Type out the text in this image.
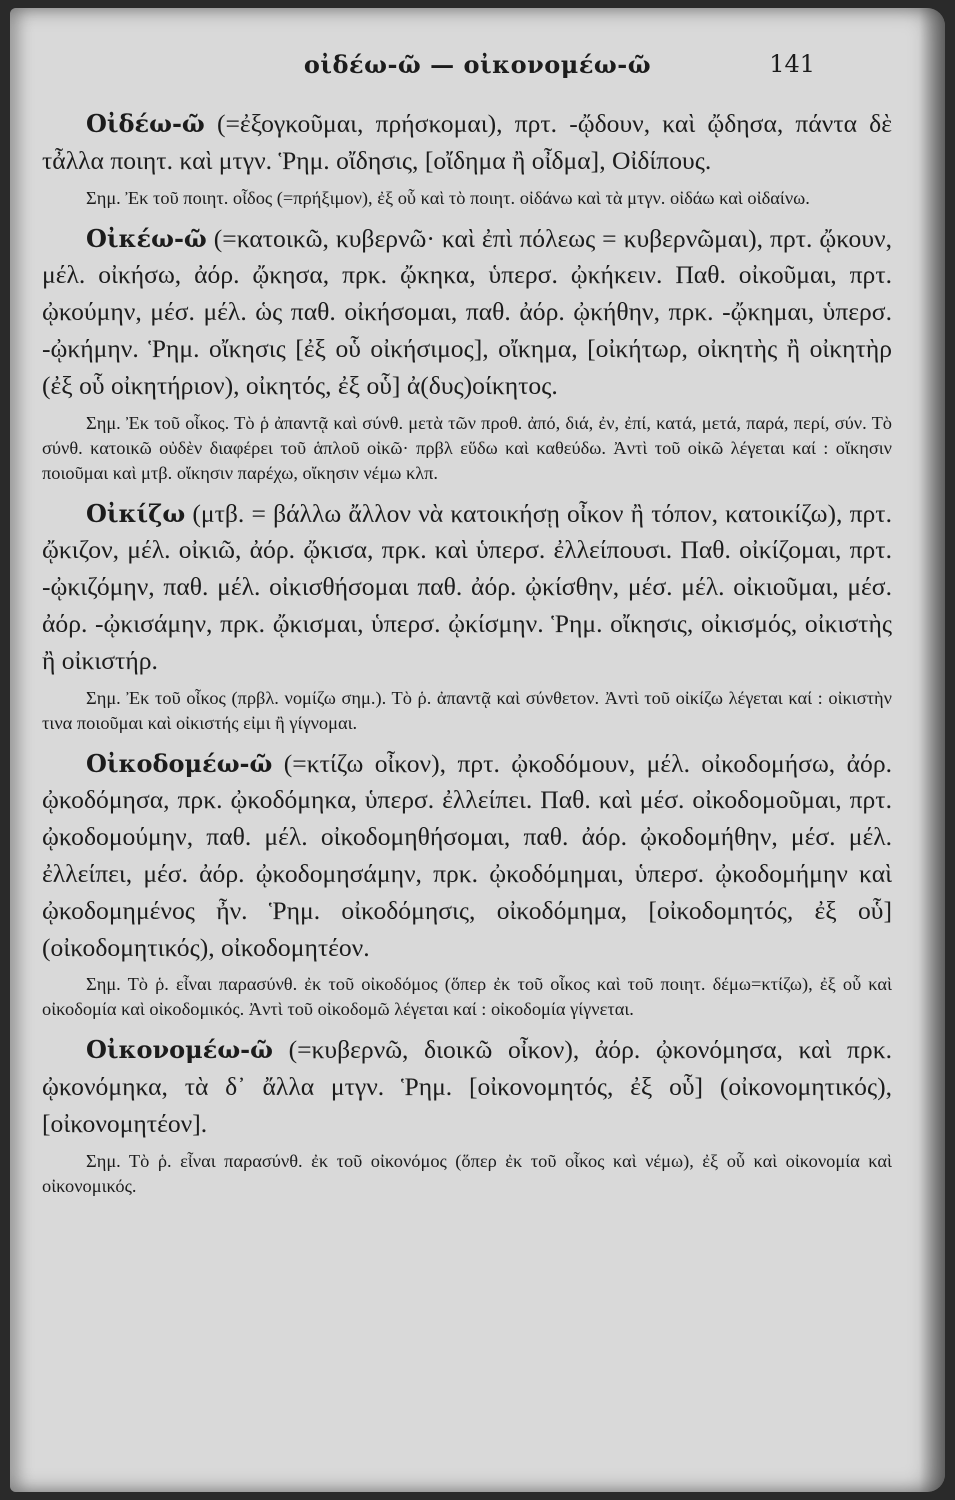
οἰδέω-ῶ — οἰκονομέω-ῶ	141

Οἰδέω-ῶ (=ἐξογκοῦμαι, πρήσκομαι), πρτ. -ᾤδουν, καὶ ᾤδησα, πάντα δὲ τἆλλα ποιητ. καὶ μτγν. Ῥημ. οἴδησις, [οἴδημα ἢ οἶδμα], Οἰδίπους.

Σημ. Ἐκ τοῦ ποιητ. οἶδος (=πρήξιμον), ἐξ οὗ καὶ τὸ ποιητ. οἰδάνω καὶ τὰ μτγν. οἰδάω καὶ οἰδαίνω.

Οἰκέω-ῶ (=κατοικῶ, κυβερνῶ· καὶ ἐπὶ πόλεως = κυβερνῶμαι), πρτ. ᾤκουν, μέλ. οἰκήσω, ἀόρ. ᾤκησα, πρκ. ᾤκηκα, ὑπερσ. ᾠκήκειν. Παθ. οἰκοῦμαι, πρτ. ᾠκούμην, μέσ. μέλ. ὡς παθ. οἰκήσομαι, παθ. ἀόρ. ᾠκήθην, πρκ. -ᾤκημαι, ὑπερσ. -ᾠκήμην. Ῥημ. οἴκησις [ἐξ οὗ οἰκήσιμος], οἴκημα, [οἰκήτωρ, οἰκητὴς ἢ οἰκητὴρ (ἐξ οὗ οἰκητήριον), οἰκητός, ἐξ οὗ] ἀ(δυς)οίκητος.

Σημ. Ἐκ τοῦ οἶκος. Τὸ ῥ ἀπαντᾷ καὶ σύνθ. μετὰ τῶν προθ. ἀπό, διά, ἐν, ἐπί, κατά, μετά, παρά, περί, σύν. Τὸ σύνθ. κατοικῶ οὐδὲν διαφέρει τοῦ ἁπλοῦ οἰκῶ· πρβλ εὕδω καὶ καθεύδω. Ἀντὶ τοῦ οἰκῶ λέγεται καί : οἴκησιν ποιοῦμαι καὶ μτβ. οἴκησιν παρέχω, οἴκησιν νέμω κλπ.

Οἰκίζω (μτβ. = βάλλω ἄλλον νὰ κατοικήσῃ οἶκον ἢ τόπον, κατοικίζω), πρτ. ᾤκιζον, μέλ. οἰκιῶ, ἀόρ. ᾤκισα, πρκ. καὶ ὑπερσ. ἐλλείπουσι. Παθ. οἰκίζομαι, πρτ. -ᾠκιζόμην, παθ. μέλ. οἰκισθήσομαι παθ. ἀόρ. ᾠκίσθην, μέσ. μέλ. οἰκιοῦμαι, μέσ. ἀόρ. -ᾠκισάμην, πρκ. ᾤκισμαι, ὑπερσ. ᾠκίσμην. Ῥημ. οἴκησις, οἰκισμός, οἰκιστὴς ἢ οἰκιστήρ.

Σημ. Ἐκ τοῦ οἶκος (πρβλ. νομίζω σημ.). Τὸ ῥ. ἀπαντᾷ καὶ σύνθετον. Ἀντὶ τοῦ οἰκίζω λέγεται καί : οἰκιστὴν τινα ποιοῦμαι καὶ οἰκιστής εἰμι ἢ γίγνομαι.

Οἰκοδομέω-ῶ (=κτίζω οἶκον), πρτ. ᾠκοδόμουν, μέλ. οἰκοδομήσω, ἀόρ. ᾠκοδόμησα, πρκ. ᾠκοδόμηκα, ὑπερσ. ἐλλείπει. Παθ. καὶ μέσ. οἰκοδομοῦμαι, πρτ. ᾠκοδομούμην, παθ. μέλ. οἰκοδομηθήσομαι, παθ. ἀόρ. ᾠκοδομήθην, μέσ. μέλ. ἐλλείπει, μέσ. ἀόρ. ᾠκοδομησάμην, πρκ. ᾠκοδόμημαι, ὑπερσ. ᾠκοδομήμην καὶ ᾠκοδομημένος ἦν. Ῥημ. οἰκοδόμησις, οἰκοδόμημα, [οἰκοδομητός, ἐξ οὗ] (οἰκοδομητικός), οἰκοδομητέον.

Σημ. Τὸ ῥ. εἶναι παρασύνθ. ἐκ τοῦ οἰκοδόμος (ὅπερ ἐκ τοῦ οἶκος καὶ τοῦ ποιητ. δέμω=κτίζω), ἐξ οὗ καὶ οἰκοδομία καὶ οἰκοδομικός. Ἀντὶ τοῦ οἰκοδομῶ λέγεται καί : οἰκοδομία γίγνεται.

Οἰκονομέω-ῶ (=κυβερνῶ, διοικῶ οἶκον), ἀόρ. ᾠκονόμησα, καὶ πρκ. ᾠκονόμηκα, τὰ δ᾽ ἄλλα μτγν. Ῥημ. [οἰκονομητός, ἐξ οὗ] (οἰκονομητικός), [οἰκονομητέον].

Σημ. Τὸ ῥ. εἶναι παρασύνθ. ἐκ τοῦ οἰκονόμος (ὅπερ ἐκ τοῦ οἶκος καὶ νέμω), ἐξ οὗ καὶ οἰκονομία καὶ οἰκονομικός.
